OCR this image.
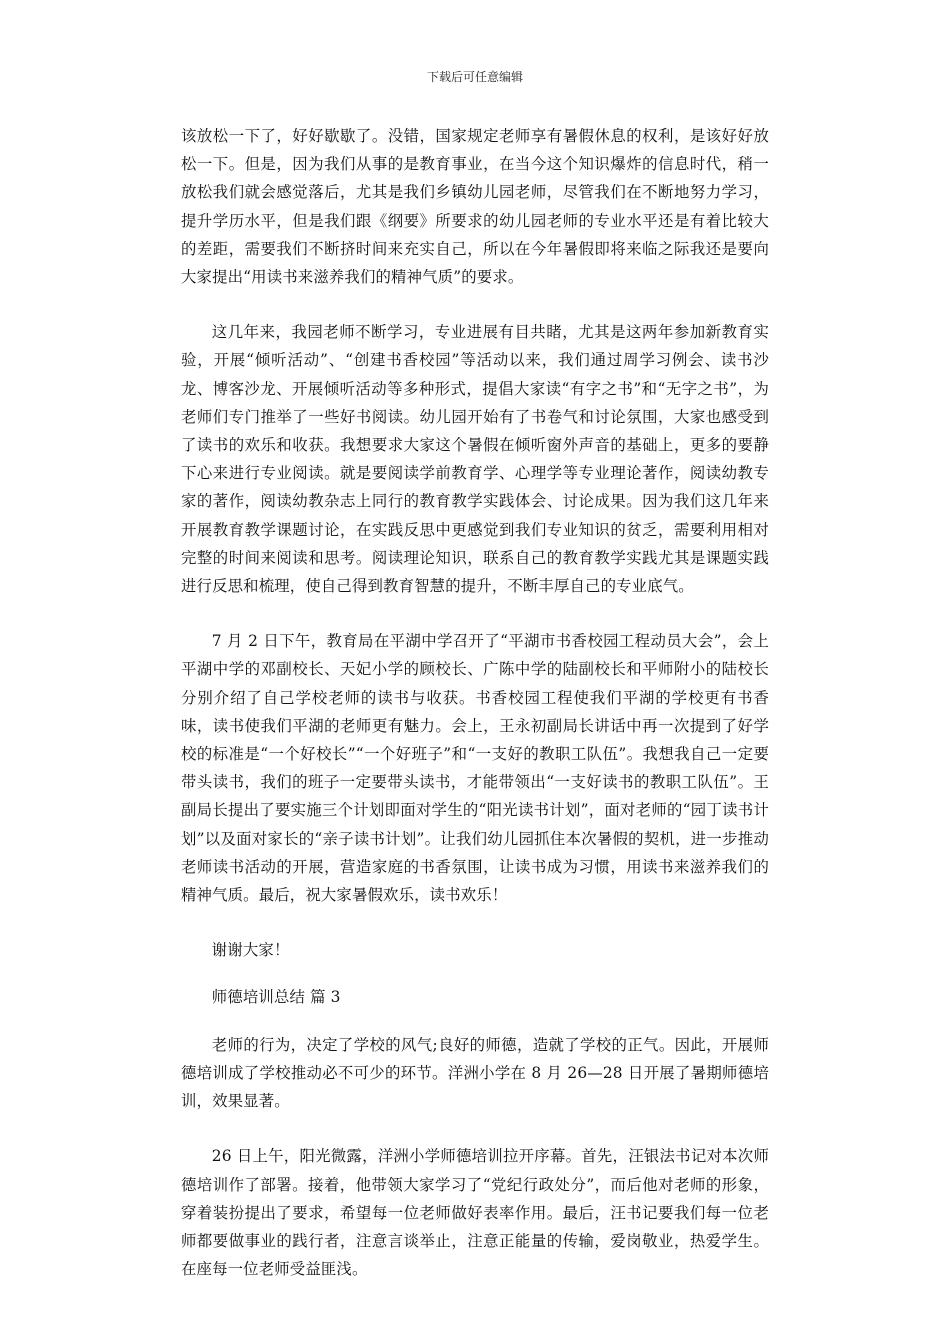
下载后可任意编辑

该放松一下了，好好歇歇了。没错，国家规定老师享有暑假休息的权利，是该好好放松一下。但是，因为我们从事的是教育事业，在当今这个知识爆炸的信息时代，稍一放松我们就会感觉落后，尤其是我们乡镇幼儿园老师，尽管我们在不断地努力学习，提升学历水平，但是我们跟《纲要》所要求的幼儿园老师的专业水平还是有着比较大的差距，需要我们不断挤时间来充实自己，所以在今年暑假即将来临之际我还是要向大家提出“用读书来滋养我们的精神气质”的要求。

这几年来，我园老师不断学习，专业进展有目共睹，尤其是这两年参加新教育实验，开展“倾听活动”、“创建书香校园”等活动以来，我们通过周学习例会、读书沙龙、博客沙龙、开展倾听活动等多种形式，提倡大家读“有字之书”和“无字之书”，为老师们专门推举了一些好书阅读。幼儿园开始有了书卷气和讨论氛围，大家也感受到了读书的欢乐和收获。我想要求大家这个暑假在倾听窗外声音的基础上，更多的要静下心来进行专业阅读。就是要阅读学前教育学、心理学等专业理论著作，阅读幼教专家的著作，阅读幼教杂志上同行的教育教学实践体会、讨论成果。因为我们这几年来开展教育教学课题讨论，在实践反思中更感觉到我们专业知识的贫乏，需要利用相对完整的时间来阅读和思考。阅读理论知识，联系自己的教育教学实践尤其是课题实践进行反思和梳理，使自己得到教育智慧的提升，不断丰厚自己的专业底气。

7 月 2 日下午，教育局在平湖中学召开了“平湖市书香校园工程动员大会”，会上平湖中学的邓副校长、天妃小学的顾校长、广陈中学的陆副校长和平师附小的陆校长分别介绍了自己学校老师的读书与收获。书香校园工程使我们平湖的学校更有书香味，读书使我们平湖的老师更有魅力。会上，王永初副局长讲话中再一次提到了好学校的标准是“一个好校长”“一个好班子”和“一支好的教职工队伍”。我想我自己一定要带头读书，我们的班子一定要带头读书，才能带领出“一支好读书的教职工队伍”。王副局长提出了要实施三个计划即面对学生的“阳光读书计划”，面对老师的“园丁读书计划”以及面对家长的“亲子读书计划”。让我们幼儿园抓住本次暑假的契机，进一步推动老师读书活动的开展，营造家庭的书香氛围，让读书成为习惯，用读书来滋养我们的精神气质。最后，祝大家暑假欢乐，读书欢乐！

谢谢大家！

师德培训总结 篇 3

老师的行为，决定了学校的风气;良好的师德，造就了学校的正气。因此，开展师德培训成了学校推动必不可少的环节。洋洲小学在 8 月 26—28 日开展了暑期师德培训，效果显著。

26 日上午，阳光微露，洋洲小学师德培训拉开序幕。首先，汪银法书记对本次师德培训作了部署。接着，他带领大家学习了“党纪行政处分”，而后他对老师的形象，穿着装扮提出了要求，希望每一位老师做好表率作用。最后，汪书记要我们每一位老师都要做事业的践行者，注意言谈举止，注意正能量的传输，爱岗敬业，热爱学生。在座每一位老师受益匪浅。
